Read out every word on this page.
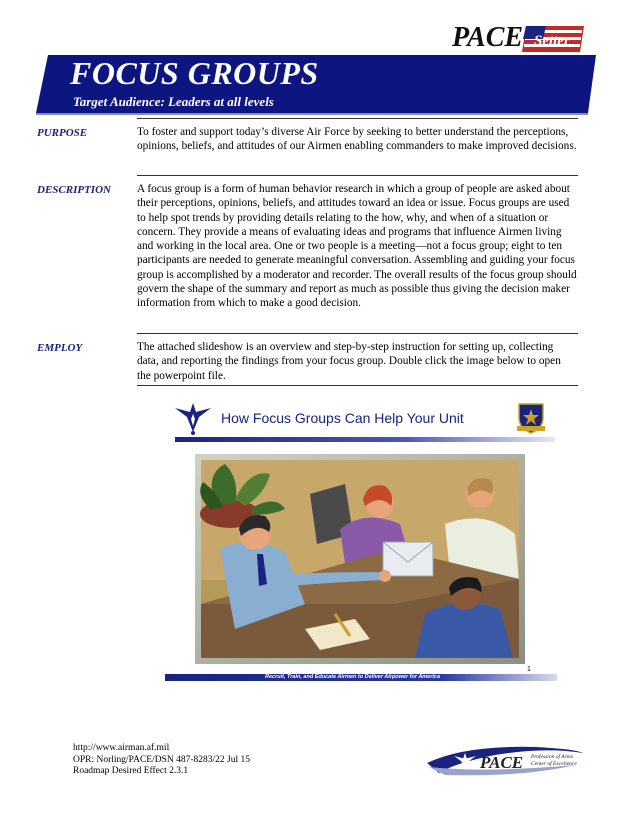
PACE Setter
FOCUS GROUPS
Target Audience: Leaders at all levels
PURPOSE	To foster and support today’s diverse Air Force by seeking to better understand the perceptions, opinions, beliefs, and attitudes of our Airmen enabling commanders to make improved decisions.
DESCRIPTION A focus group is a form of human behavior research in which a group of people are asked about their perceptions, opinions, beliefs, and attitudes toward an idea or issue. Focus groups are used to help spot trends by providing details relating to the how, why, and when of a situation or concern. They provide a means of evaluating ideas and programs that influence Airmen living and working in the local area. One or two people is a meeting—not a focus group; eight to ten participants are needed to generate meaningful conversation. Assembling and guiding your focus group is accomplished by a moderator and recorder. The overall results of the focus group should govern the shape of the summary and report as much as possible thus giving the decision maker information from which to make a good decision.
EMPLOY	The attached slideshow is an overview and step-by-step instruction for setting up, collecting data, and reporting the findings from your focus group. Double click the image below to open the powerpoint file.
How Focus Groups Can Help Your Unit
1
Recruit, Train, and Educate Airmen to Deliver Airpower for America
http://www.airman.af.mil
OPR: Norling/PACE/DSN 487-8283/22 Jul 15
Roadmap Desired Effect 2.3.1	PACE Profession of Arms
Center of Excellence
